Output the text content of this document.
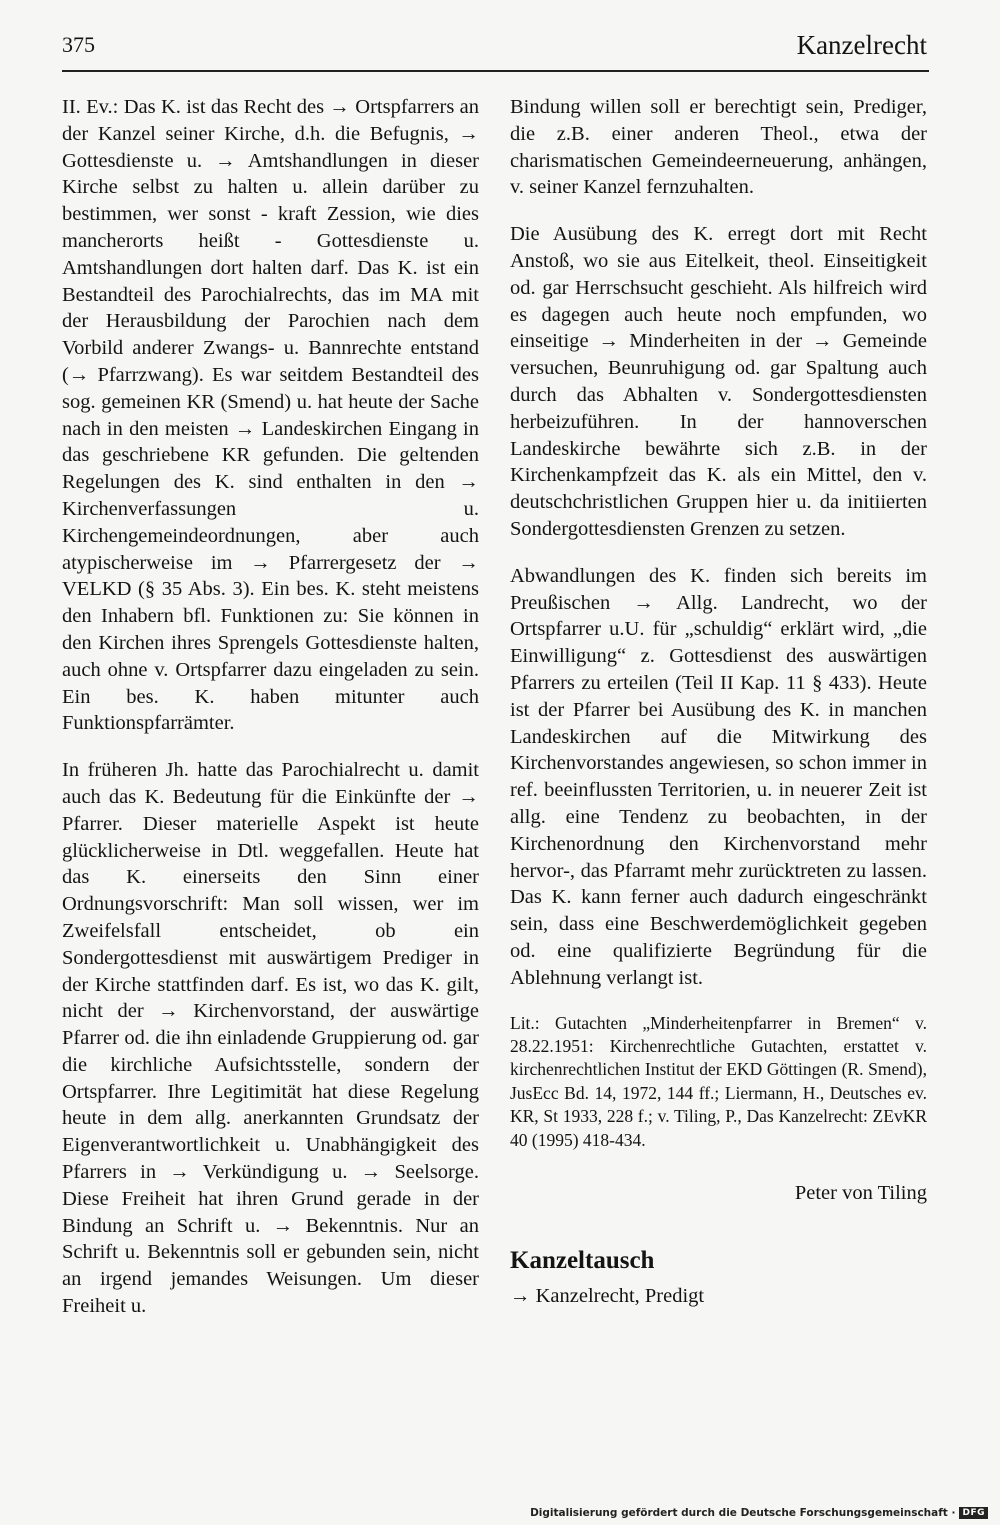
375	Kanzelrecht

II. Ev.: Das K. ist das Recht des → Ortspfarrers an der Kanzel seiner Kirche, d.h. die Befugnis, → Gottesdienste u. → Amtshandlungen in dieser Kirche selbst zu halten u. allein darüber zu bestimmen, wer sonst - kraft Zession, wie dies mancherorts heißt - Gottesdienste u. Amtshandlungen dort halten darf. Das K. ist ein Bestandteil des Parochialrechts, das im MA mit der Herausbildung der Parochien nach dem Vorbild anderer Zwangs- u. Bannrechte entstand (→ Pfarrzwang). Es war seitdem Bestandteil des sog. gemeinen KR (Smend) u. hat heute der Sache nach in den meisten → Landeskirchen Eingang in das geschriebene KR gefunden. Die geltenden Regelungen des K. sind enthalten in den → Kirchenverfassungen u. Kirchengemeindeordnungen, aber auch atypischerweise im → Pfarrergesetz der → VELKD (§ 35 Abs. 3). Ein bes. K. steht meistens den Inhabern bfl. Funktionen zu: Sie können in den Kirchen ihres Sprengels Gottesdienste halten, auch ohne v. Ortspfarrer dazu eingeladen zu sein. Ein bes. K. haben mitunter auch Funktionspfarrämter.

In früheren Jh. hatte das Parochialrecht u. damit auch das K. Bedeutung für die Einkünfte der → Pfarrer. Dieser materielle Aspekt ist heute glücklicherweise in Dtl. weggefallen. Heute hat das K. einerseits den Sinn einer Ordnungsvorschrift: Man soll wissen, wer im Zweifelsfall entscheidet, ob ein Sondergottesdienst mit auswärtigem Prediger in der Kirche stattfinden darf. Es ist, wo das K. gilt, nicht der → Kirchenvorstand, der auswärtige Pfarrer od. die ihn einladende Gruppierung od. gar die kirchliche Aufsichtsstelle, sondern der Ortspfarrer. Ihre Legitimität hat diese Regelung heute in dem allg. anerkannten Grundsatz der Eigenverantwortlichkeit u. Unabhängigkeit des Pfarrers in → Verkündigung u. → Seelsorge. Diese Freiheit hat ihren Grund gerade in der Bindung an Schrift u. → Bekenntnis. Nur an Schrift u. Bekenntnis soll er gebunden sein, nicht an irgend jemandes Weisungen. Um dieser Freiheit u.

Bindung willen soll er berechtigt sein, Prediger, die z.B. einer anderen Theol., etwa der charismatischen Gemeindeerneuerung, anhängen, v. seiner Kanzel fernzuhalten.

Die Ausübung des K. erregt dort mit Recht Anstoß, wo sie aus Eitelkeit, theol. Einseitigkeit od. gar Herrschsucht geschieht. Als hilfreich wird es dagegen auch heute noch empfunden, wo einseitige → Minderheiten in der → Gemeinde versuchen, Beunruhigung od. gar Spaltung auch durch das Abhalten v. Sondergottesdiensten herbeizuführen. In der hannoverschen Landeskirche bewährte sich z.B. in der Kirchenkampfzeit das K. als ein Mittel, den v. deutschchristlichen Gruppen hier u. da initiierten Sondergottesdiensten Grenzen zu setzen.

Abwandlungen des K. finden sich bereits im Preußischen → Allg. Landrecht, wo der Ortspfarrer u.U. für „schuldig“ erklärt wird, „die Einwilligung“ z. Gottesdienst des auswärtigen Pfarrers zu erteilen (Teil II Kap. 11 § 433). Heute ist der Pfarrer bei Ausübung des K. in manchen Landeskirchen auf die Mitwirkung des Kirchenvorstandes angewiesen, so schon immer in ref. beeinflussten Territorien, u. in neuerer Zeit ist allg. eine Tendenz zu beobachten, in der Kirchenordnung den Kirchenvorstand mehr hervor-, das Pfarramt mehr zurücktreten zu lassen. Das K. kann ferner auch dadurch eingeschränkt sein, dass eine Beschwerdemöglichkeit gegeben od. eine qualifizierte Begründung für die Ablehnung verlangt ist.

Lit.: Gutachten „Minderheitenpfarrer in Bremen“ v. 28.22.1951: Kirchenrechtliche Gutachten, erstattet v. kirchenrechtlichen Institut der EKD Göttingen (R. Smend), JusEcc Bd. 14, 1972, 144 ff.; Liermann, H., Deutsches ev. KR, St 1933, 228 f.; v. Tiling, P., Das Kanzelrecht: ZEvKR 40 (1995) 418-434.

Peter von Tiling
Kanzeltausch
→ Kanzelrecht, Predigt
Digitalisierung gefördert durch die Deutsche Forschungsgemeinschaft · DFG
